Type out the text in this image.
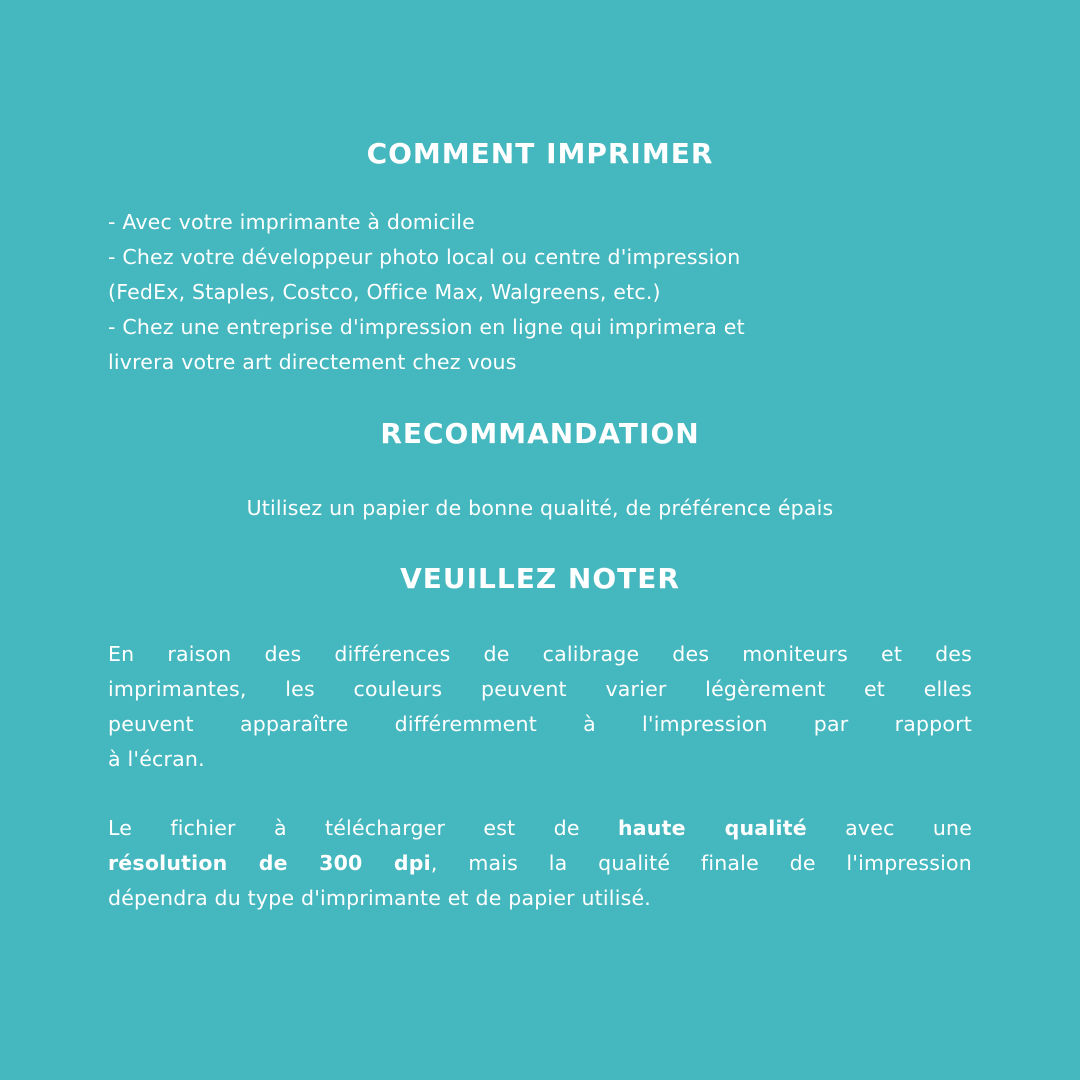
COMMENT IMPRIMER
- Avec votre imprimante à domicile
- Chez votre développeur photo local ou centre d'impression
(FedEx, Staples, Costco, Office Max, Walgreens, etc.)
- Chez une entreprise d'impression en ligne qui imprimera et
livrera votre art directement chez vous
RECOMMANDATION
Utilisez un papier de bonne qualité, de préférence épais
VEUILLEZ NOTER
En raison des différences de calibrage des moniteurs et des
imprimantes, les couleurs peuvent varier légèrement et elles
peuvent apparaître différemment à l'impression par rapport
à l'écran.
Le fichier à télécharger est de haute qualité avec une
résolution de 300 dpi, mais la qualité finale de l'impression
dépendra du type d'imprimante et de papier utilisé.
